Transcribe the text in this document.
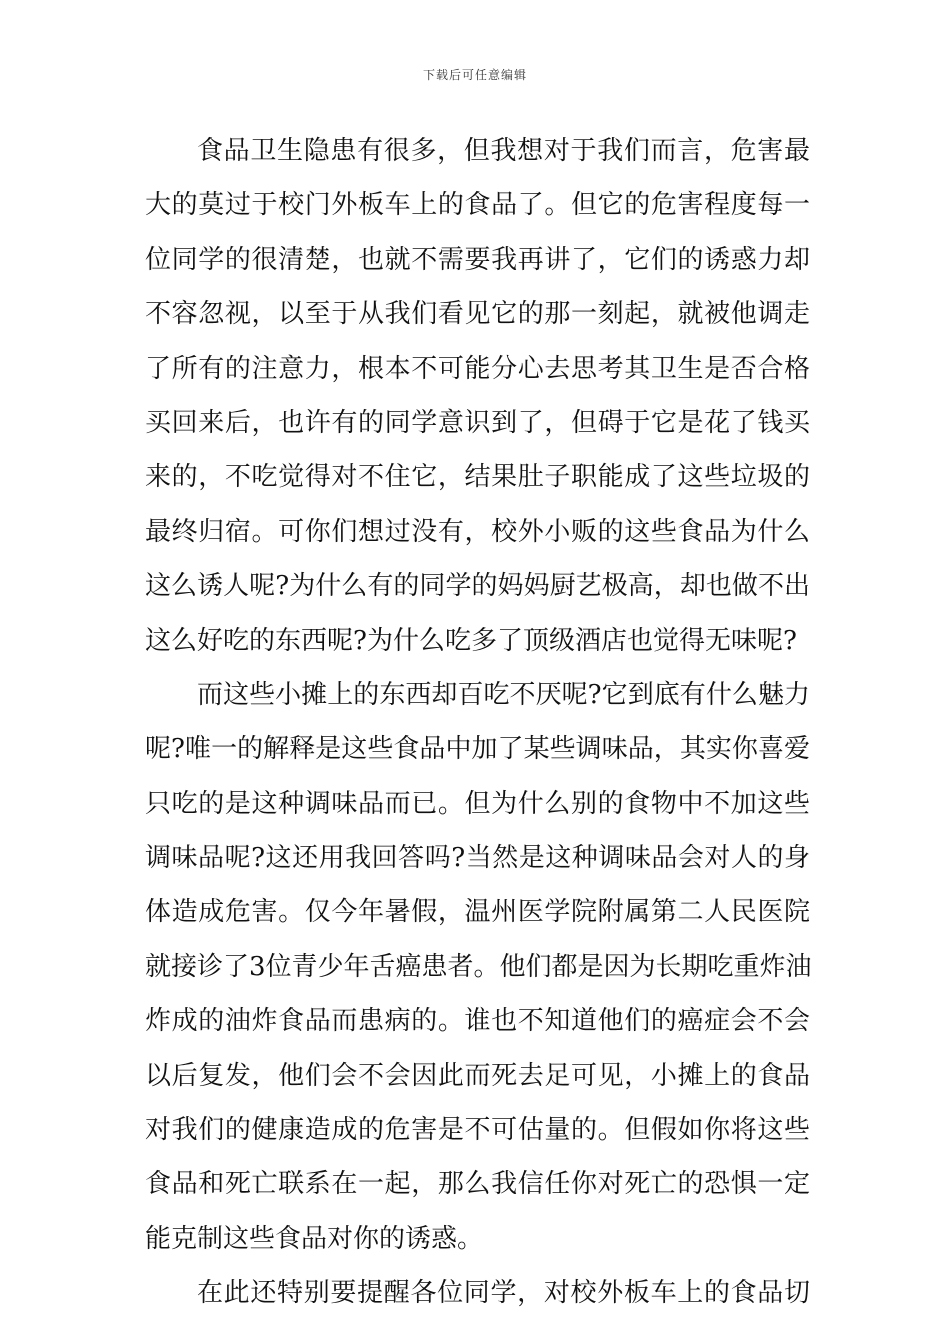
下载后可任意编辑
食品卫生隐患有很多，但我想对于我们而言，危害最
大的莫过于校门外板车上的食品了。但它的危害程度每一
位同学的很清楚，也就不需要我再讲了，它们的诱惑力却
不容忽视，以至于从我们看见它的那一刻起，就被他调走
了所有的注意力，根本不可能分心去思考其卫生是否合格
买回来后，也许有的同学意识到了，但碍于它是花了钱买
来的，不吃觉得对不住它，结果肚子职能成了这些垃圾的
最终归宿。可你们想过没有，校外小贩的这些食品为什么
这么诱人呢?为什么有的同学的妈妈厨艺极高，却也做不出
这么好吃的东西呢?为什么吃多了顶级酒店也觉得无味呢?
而这些小摊上的东西却百吃不厌呢?它到底有什么魅力
呢?唯一的解释是这些食品中加了某些调味品，其实你喜爱
只吃的是这种调味品而已。但为什么别的食物中不加这些
调味品呢?这还用我回答吗?当然是这种调味品会对人的身
体造成危害。仅今年暑假，温州医学院附属第二人民医院
就接诊了3位青少年舌癌患者。他们都是因为长期吃重炸油
炸成的油炸食品而患病的。谁也不知道他们的癌症会不会
以后复发，他们会不会因此而死去足可见，小摊上的食品
对我们的健康造成的危害是不可估量的。但假如你将这些
食品和死亡联系在一起，那么我信任你对死亡的恐惧一定
能克制这些食品对你的诱惑。
在此还特别要提醒各位同学，对校外板车上的食品切
